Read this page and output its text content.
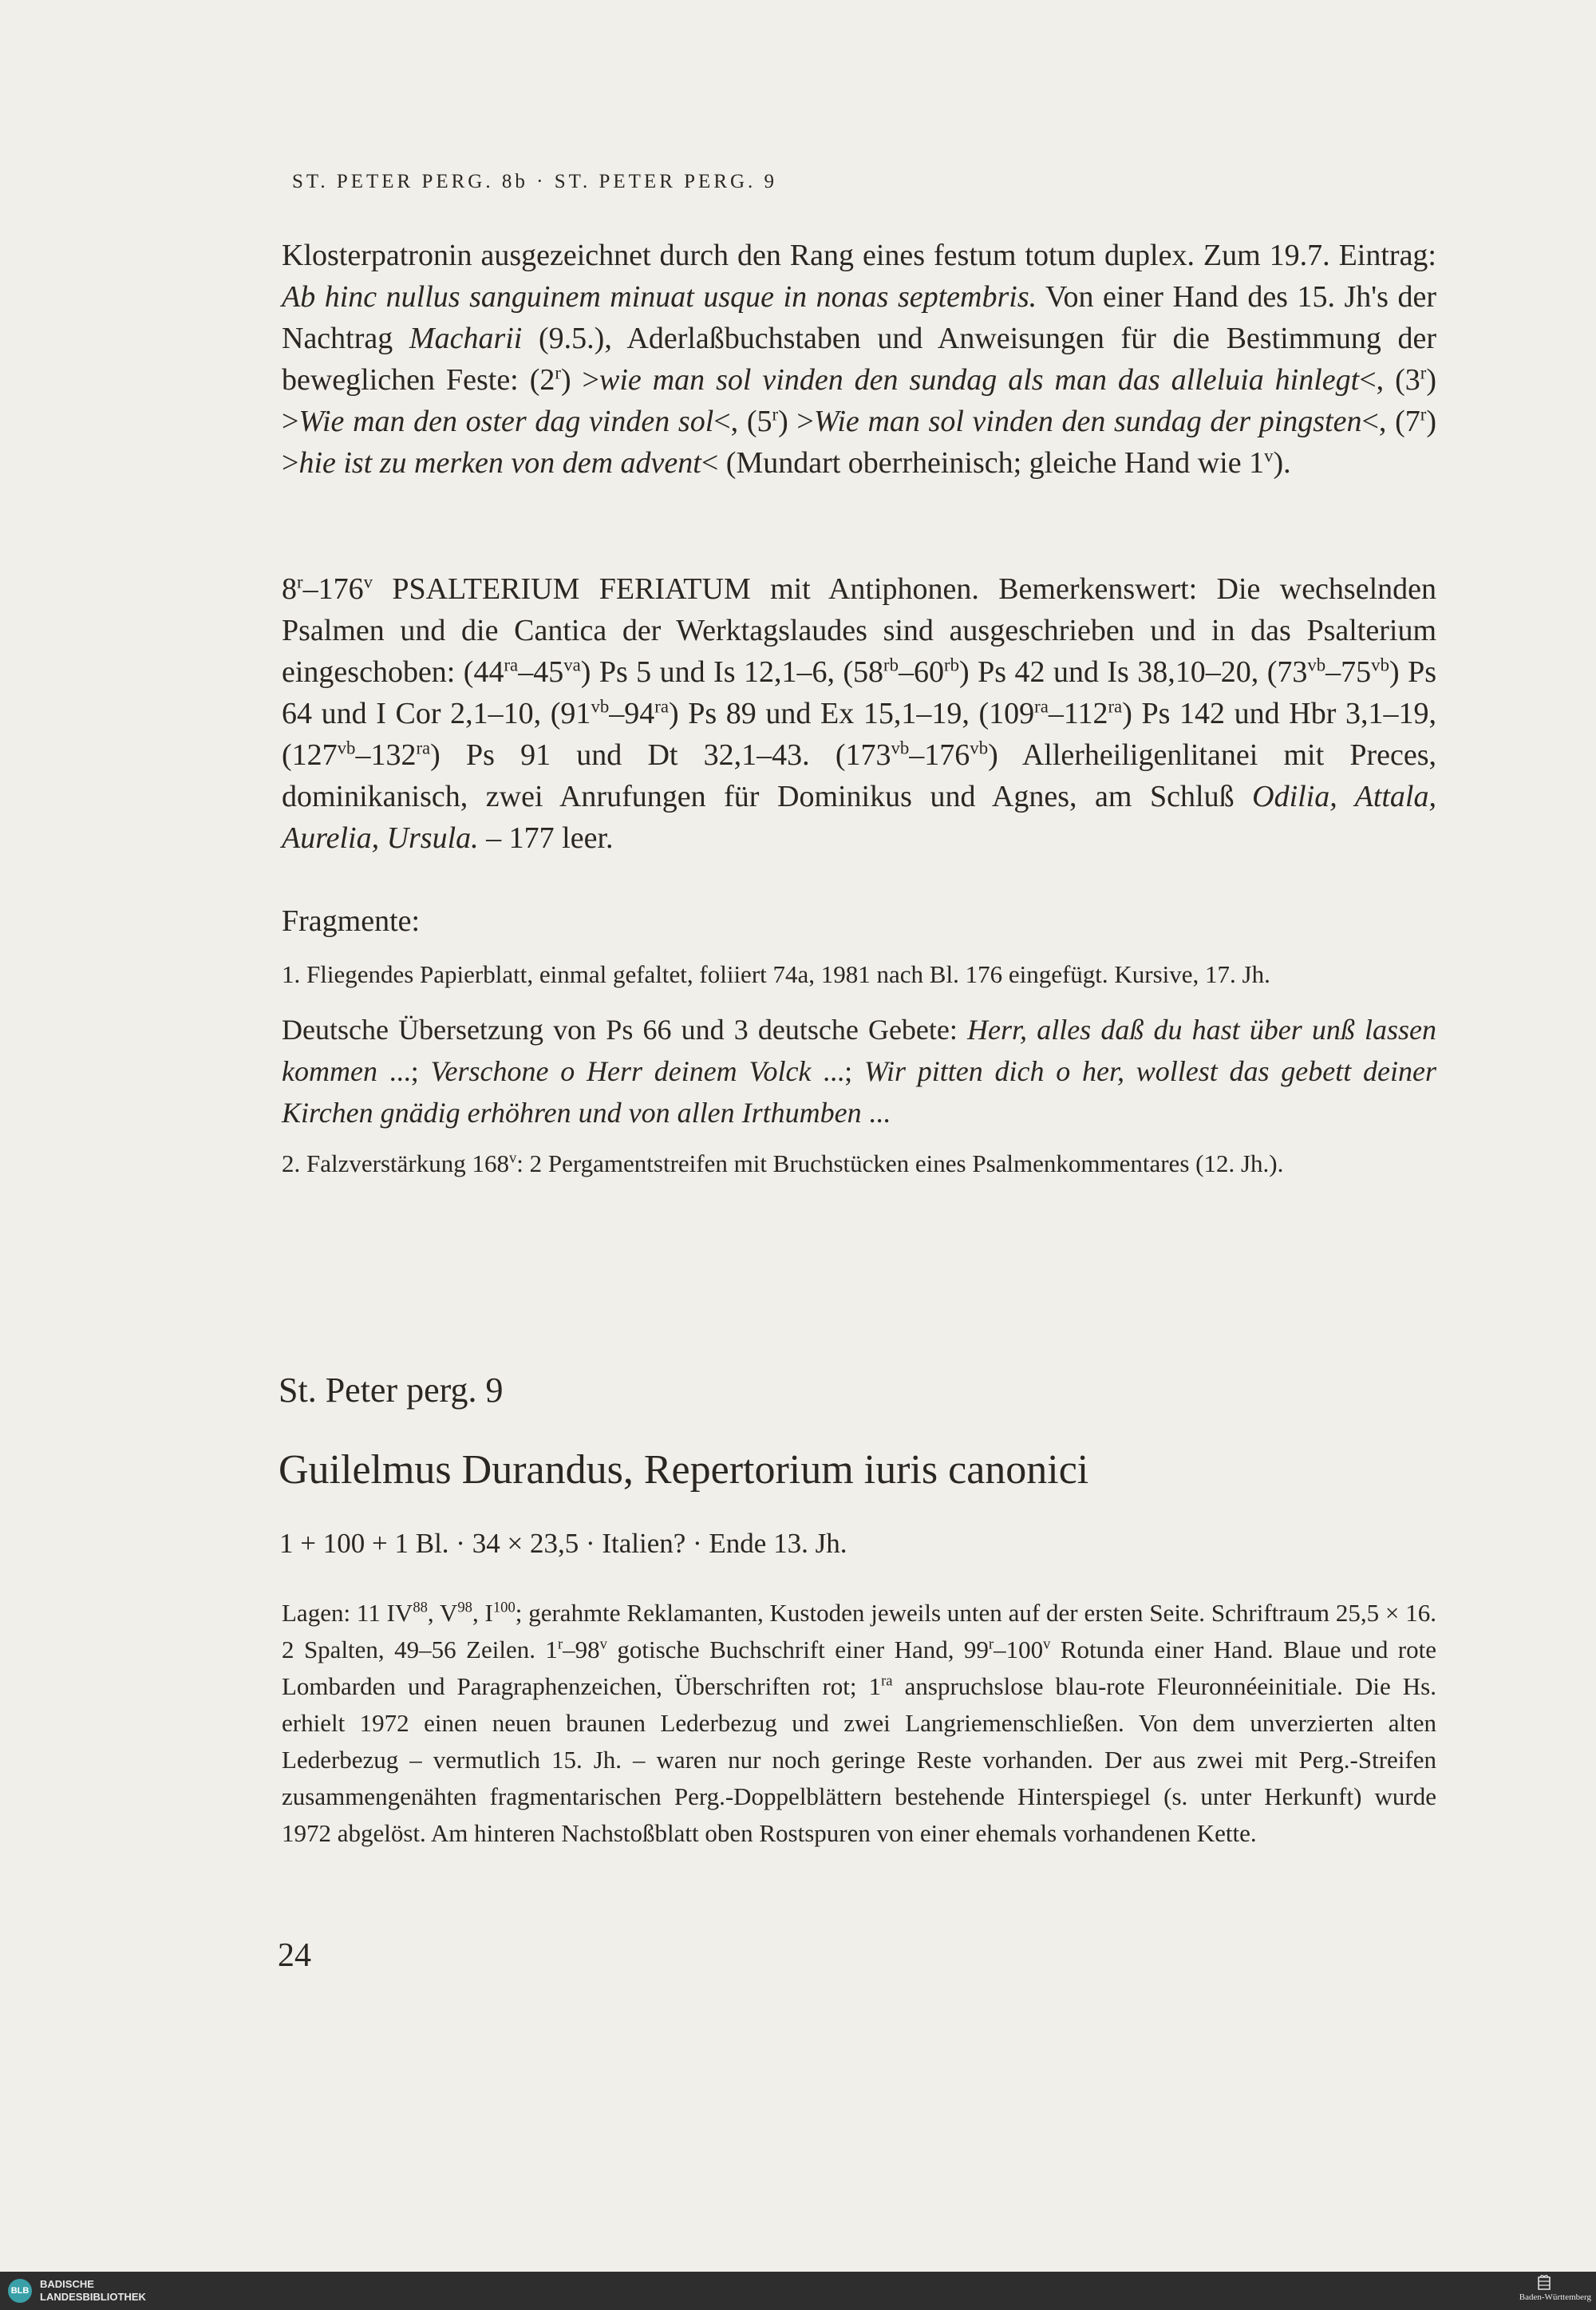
ST. PETER PERG. 8b · ST. PETER PERG. 9

Klosterpatronin ausgezeichnet durch den Rang eines festum totum duplex. Zum 19.7. Eintrag: Ab hinc nullus sanguinem minuat usque in nonas septembris. Von einer Hand des 15. Jh's der Nachtrag Macharii (9.5.), Aderlaßbuchstaben und Anweisungen für die Bestimmung der beweglichen Feste: $(2^r) >wie$ man sol vinden den sundag als man das alleluia hinlegt<, $(3^r) >Wie$ man den oster dag vinden sol<, $(5^r) >Wie$ man sol vinden den sundag der pingsten<, $(7^r) >hie$ ist zu merken von dem advent< (Mundart oberrheinisch; gleiche Hand wie 1$^v$).

8$^r$–176$^v$ PSALTERIUM FERIATUM mit Antiphonen. Bemerkenswert: Die wechselnden Psalmen und die Cantica der Werktagslaudes sind ausgeschrieben und in das Psalterium eingeschoben: $(44^{ra}-45^{va})$ Ps 5 und Is 12,1–6, $(58^{rb}-60^{rb})$ Ps 42 und Is 38,10–20, $(73^{vb}-75^{vb})$ Ps 64 und I Cor 2,1–10, $(91^{vb}-94^{ra})$ Ps 89 und Ex 15,1–19, $(109^{ra}-112^{ra})$ Ps 142 und Hbr 3,1–19, $(127^{vb}-132^{ra})$ Ps 91 und Dt 32,1–43. $(173^{vb}-176^{vb})$ Allerheiligenlitanei mit Preces, dominikanisch, zwei Anrufungen für Dominikus und Agnes, am Schluß Odilia, Attala, Aurelia, Ursula. – 177 leer.

Fragmente:

1. Fliegendes Papierblatt, einmal gefaltet, foliiert 74a, 1981 nach Bl. 176 eingefügt. Kursive, 17. Jh.

Deutsche Übersetzung von Ps 66 und 3 deutsche Gebete: Herr, alles daß du hast über unß lassen kommen ...; Verschone o Herr deinem Volck ...; Wir pitten dich o her, wollest das gebett deiner Kirchen gnädig erhöhren und von allen Irthumben ...

2. Falzverstärkung 168$^v$: 2 Pergamentstreifen mit Bruchstücken eines Psalmenkommentares (12. Jh.).

St. Peter perg. 9
Guilelmus Durandus, Repertorium iuris canonici
1 + 100 + 1 Bl. · 34 × 23,5 · Italien? · Ende 13. Jh.

Lagen: 11 IV$^{88}$, $V^{98}$, $I^{100}$; gerahmte Reklamanten, Kustoden jeweils unten auf der ersten Seite. Schriftraum 25,5 × 16. 2 Spalten, 49–56 Zeilen. 1$^r$–98$^v$ gotische Buchschrift einer Hand, 99$^r$–100$^v$ Rotunda einer Hand. Blaue und rote Lombarden und Paragraphenzeichen, Überschriften rot; $1^{ra}$ anspruchslose blau-rote Fleuronnéeinitiale. Die Hs. erhielt 1972 einen neuen braunen Lederbezug und zwei Langriemenschließen. Von dem unverzierten alten Lederbezug – vermutlich 15. Jh. – waren nur noch geringe Reste vorhanden. Der aus zwei mit Perg.-Streifen zusammengenähten fragmentarischen Perg.-Doppelblättern bestehende Hinterspiegel (s. unter Herkunft) wurde 1972 abgelöst. Am hinteren Nachstoßblatt oben Rostspuren von einer ehemals vorhandenen Kette.

24
BLB
BADISCHE
LANDESBIBLIOTHEK	Baden-Württemberg
